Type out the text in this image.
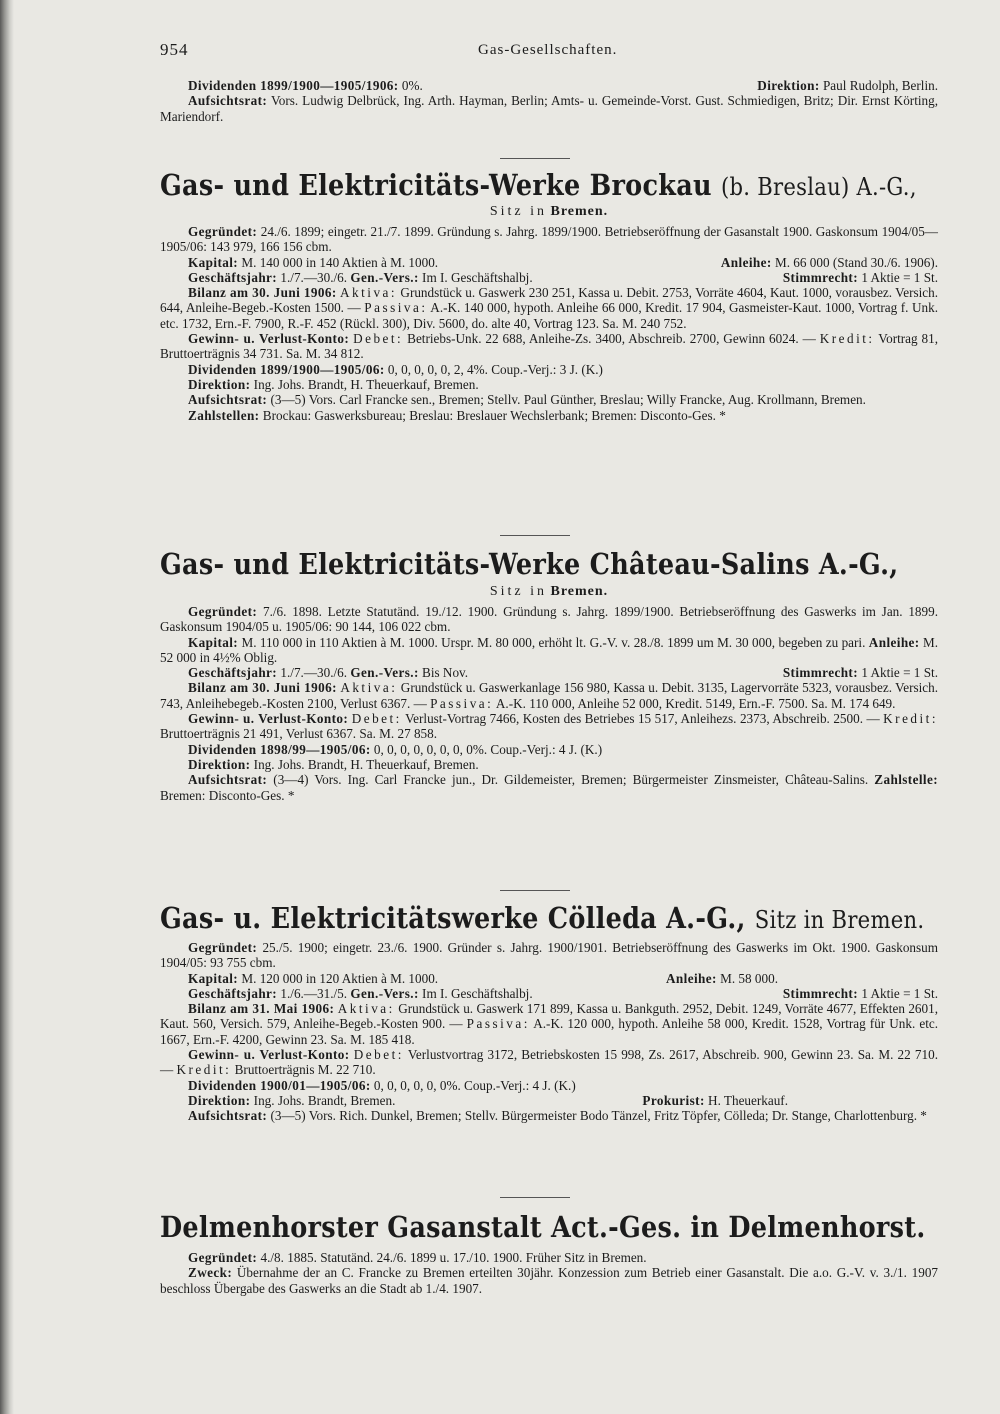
954	Gas-Gesellschaften.

Dividenden 1899/1900—1905/1906: 0%.	Direktion: Paul Rudolph, Berlin.

Aufsichtsrat: Vors. Ludwig Delbrück, Ing. Arth. Hayman, Berlin; Amts- u. Gemeinde-Vorst. Gust. Schmiedigen, Britz; Dir. Ernst Körting, Mariendorf.

Gas- und Elektricitäts-Werke Brockau (b. Breslau) A.-G.,
Sitz in Bremen.

Gegründet: 24./6. 1899; eingetr. 21./7. 1899. Gründung s. Jahrg. 1899/1900. Betriebseröffnung der Gasanstalt 1900. Gaskonsum 1904/05—1905/06: 143 979, 166 156 cbm.

Kapital: M. 140 000 in 140 Aktien à M. 1000.	Anleihe: M. 66 000 (Stand 30./6. 1906).

Geschäftsjahr: 1./7.—30./6. Gen.-Vers.: Im I. Geschäftshalbj.	Stimmrecht: 1 Aktie = 1 St.

Bilanz am 30. Juni 1906: Aktiva: Grundstück u. Gaswerk 230 251, Kassa u. Debit. 2753, Vorräte 4604, Kaut. 1000, vorausbez. Versich. 644, Anleihe-Begeb.-Kosten 1500. — Passiva: A.-K. 140 000, hypoth. Anleihe 66 000, Kredit. 17 904, Gasmeister-Kaut. 1000, Vortrag f. Unk. etc. 1732, Ern.-F. 7900, R.-F. 452 (Rückl. 300), Div. 5600, do. alte 40, Vortrag 123. Sa. M. 240 752.

Gewinn- u. Verlust-Konto: Debet: Betriebs-Unk. 22 688, Anleihe-Zs. 3400, Abschreib. 2700, Gewinn 6024. — Kredit: Vortrag 81, Bruttoerträgnis 34 731. Sa. M. 34 812.

Dividenden 1899/1900—1905/06: 0, 0, 0, 0, 0, 2, 4%. Coup.-Verj.: 3 J. (K.)

Direktion: Ing. Johs. Brandt, H. Theuerkauf, Bremen.

Aufsichtsrat: (3—5) Vors. Carl Francke sen., Bremen; Stellv. Paul Günther, Breslau; Willy Francke, Aug. Krollmann, Bremen.

Zahlstellen: Brockau: Gaswerksbureau; Breslau: Breslauer Wechslerbank; Bremen: Disconto-Ges. *

Gas- und Elektricitäts-Werke Château-Salins A.-G.,
Sitz in Bremen.

Gegründet: 7./6. 1898. Letzte Statutänd. 19./12. 1900. Gründung s. Jahrg. 1899/1900. Betriebseröffnung des Gaswerks im Jan. 1899. Gaskonsum 1904/05 u. 1905/06: 90 144, 106 022 cbm.

Kapital: M. 110 000 in 110 Aktien à M. 1000. Urspr. M. 80 000, erhöht lt. G.-V. v. 28./8. 1899 um M. 30 000, begeben zu pari. Anleihe: M. 52 000 in 4½% Oblig.

Geschäftsjahr: 1./7.—30./6. Gen.-Vers.: Bis Nov.	Stimmrecht: 1 Aktie = 1 St.

Bilanz am 30. Juni 1906: Aktiva: Grundstück u. Gaswerkanlage 156 980, Kassa u. Debit. 3135, Lagervorräte 5323, vorausbez. Versich. 743, Anleihebegeb.-Kosten 2100, Verlust 6367. — Passiva: A.-K. 110 000, Anleihe 52 000, Kredit. 5149, Ern.-F. 7500. Sa. M. 174 649.

Gewinn- u. Verlust-Konto: Debet: Verlust-Vortrag 7466, Kosten des Betriebes 15 517, Anleihezs. 2373, Abschreib. 2500. — Kredit: Bruttoerträgnis 21 491, Verlust 6367. Sa. M. 27 858.

Dividenden 1898/99—1905/06: 0, 0, 0, 0, 0, 0, 0, 0%. Coup.-Verj.: 4 J. (K.)

Direktion: Ing. Johs. Brandt, H. Theuerkauf, Bremen.

Aufsichtsrat: (3—4) Vors. Ing. Carl Francke jun., Dr. Gildemeister, Bremen; Bürgermeister Zinsmeister, Château-Salins. Zahlstelle: Bremen: Disconto-Ges. *

Gas- u. Elektricitätswerke Cölleda A.-G., Sitz in Bremen.

Gegründet: 25./5. 1900; eingetr. 23./6. 1900. Gründer s. Jahrg. 1900/1901. Betriebseröffnung des Gaswerks im Okt. 1900. Gaskonsum 1904/05: 93 755 cbm.

Kapital: M. 120 000 in 120 Aktien à M. 1000.	Anleihe: M. 58 000.

Geschäftsjahr: 1./6.—31./5. Gen.-Vers.: Im I. Geschäftshalbj.	Stimmrecht: 1 Aktie = 1 St.

Bilanz am 31. Mai 1906: Aktiva: Grundstück u. Gaswerk 171 899, Kassa u. Bankguth. 2952, Debit. 1249, Vorräte 4677, Effekten 2601, Kaut. 560, Versich. 579, Anleihe-Begeb.-Kosten 900. — Passiva: A.-K. 120 000, hypoth. Anleihe 58 000, Kredit. 1528, Vortrag für Unk. etc. 1667, Ern.-F. 4200, Gewinn 23. Sa. M. 185 418.

Gewinn- u. Verlust-Konto: Debet: Verlustvortrag 3172, Betriebskosten 15 998, Zs. 2617, Abschreib. 900, Gewinn 23. Sa. M. 22 710. — Kredit: Bruttoerträgnis M. 22 710.

Dividenden 1900/01—1905/06: 0, 0, 0, 0, 0, 0%. Coup.-Verj.: 4 J. (K.)

Direktion: Ing. Johs. Brandt, Bremen.	Prokurist: H. Theuerkauf.

Aufsichtsrat: (3—5) Vors. Rich. Dunkel, Bremen; Stellv. Bürgermeister Bodo Tänzel, Fritz Töpfer, Cölleda; Dr. Stange, Charlottenburg. *

Delmenhorster Gasanstalt Act.-Ges. in Delmenhorst.

Gegründet: 4./8. 1885. Statutänd. 24./6. 1899 u. 17./10. 1900. Früher Sitz in Bremen.

Zweck: Übernahme der an C. Francke zu Bremen erteilten 30jähr. Konzession zum Betrieb einer Gasanstalt. Die a.o. G.-V. v. 3./1. 1907 beschloss Übergabe des Gaswerks an die Stadt ab 1./4. 1907.
